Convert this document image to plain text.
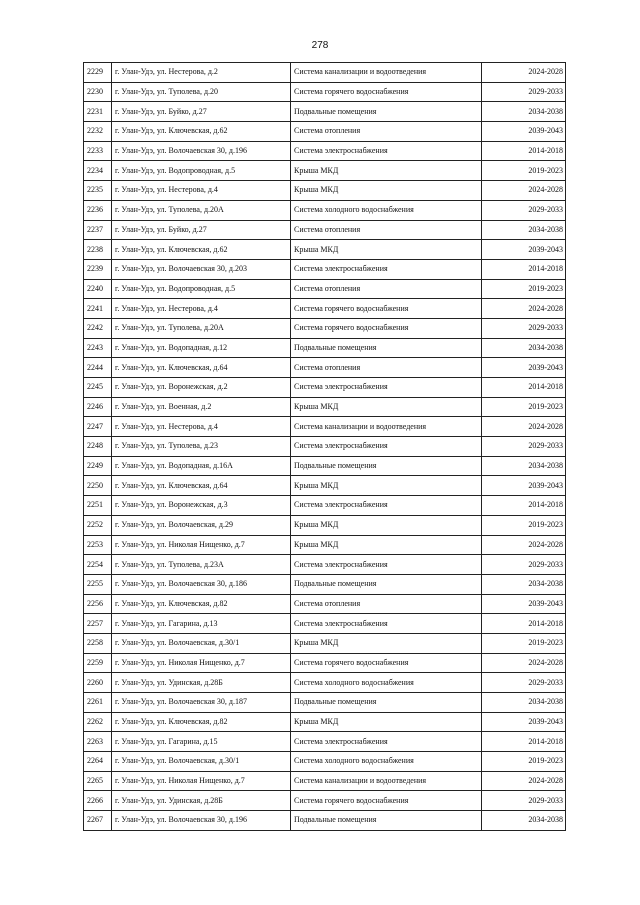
278
2229	г. Улан-Удэ, ул. Нестерова, д.2	Система канализации и водоотведения	2024-2028
2230	г. Улан-Удэ, ул. Туполева, д.20	Система горячего водоснабжения	2029-2033
2231	г. Улан-Удэ, ул. Буйко, д.27	Подвальные помещения	2034-2038
2232	г. Улан-Удэ, ул. Ключевская, д.62	Система отопления	2039-2043
2233	г. Улан-Удэ, ул. Волочаевская 30, д.196	Система электроснабжения	2014-2018
2234	г. Улан-Удэ, ул. Водопроводная, д.5	Крыша МКД	2019-2023
2235	г. Улан-Удэ, ул. Нестерова, д.4	Крыша МКД	2024-2028
2236	г. Улан-Удэ, ул. Туполева, д.20А	Система холодного водоснабжения	2029-2033
2237	г. Улан-Удэ, ул. Буйко, д.27	Система отопления	2034-2038
2238	г. Улан-Удэ, ул. Ключевская, д.62	Крыша МКД	2039-2043
2239	г. Улан-Удэ, ул. Волочаевская 30, д.203	Система электроснабжения	2014-2018
2240	г. Улан-Удэ, ул. Водопроводная, д.5	Система отопления	2019-2023
2241	г. Улан-Удэ, ул. Нестерова, д.4	Система горячего водоснабжения	2024-2028
2242	г. Улан-Удэ, ул. Туполева, д.20А	Система горячего водоснабжения	2029-2033
2243	г. Улан-Удэ, ул. Водопадная, д.12	Подвальные помещения	2034-2038
2244	г. Улан-Удэ, ул. Ключевская, д.64	Система отопления	2039-2043
2245	г. Улан-Удэ, ул. Воронежская, д.2	Система электроснабжения	2014-2018
2246	г. Улан-Удэ, ул. Военная, д.2	Крыша МКД	2019-2023
2247	г. Улан-Удэ, ул. Нестерова, д.4	Система канализации и водоотведения	2024-2028
2248	г. Улан-Удэ, ул. Туполева, д.23	Система электроснабжения	2029-2033
2249	г. Улан-Удэ, ул. Водопадная, д.16А	Подвальные помещения	2034-2038
2250	г. Улан-Удэ, ул. Ключевская, д.64	Крыша МКД	2039-2043
2251	г. Улан-Удэ, ул. Воронежская, д.3	Система электроснабжения	2014-2018
2252	г. Улан-Удэ, ул. Волочаевская, д.29	Крыша МКД	2019-2023
2253	г. Улан-Удэ, ул. Николая Нищенко, д.7	Крыша МКД	2024-2028
2254	г. Улан-Удэ, ул. Туполева, д.23А	Система электроснабжения	2029-2033
2255	г. Улан-Удэ, ул. Волочаевская 30, д.186	Подвальные помещения	2034-2038
2256	г. Улан-Удэ, ул. Ключевская, д.82	Система отопления	2039-2043
2257	г. Улан-Удэ, ул. Гагарина, д.13	Система электроснабжения	2014-2018
2258	г. Улан-Удэ, ул. Волочаевская, д.30/1	Крыша МКД	2019-2023
2259	г. Улан-Удэ, ул. Николая Нищенко, д.7	Система горячего водоснабжения	2024-2028
2260	г. Улан-Удэ, ул. Удинская, д.28Б	Система холодного водоснабжения	2029-2033
2261	г. Улан-Удэ, ул. Волочаевская 30, д.187	Подвальные помещения	2034-2038
2262	г. Улан-Удэ, ул. Ключевская, д.82	Крыша МКД	2039-2043
2263	г. Улан-Удэ, ул. Гагарина, д.15	Система электроснабжения	2014-2018
2264	г. Улан-Удэ, ул. Волочаевская, д.30/1	Система холодного водоснабжения	2019-2023
2265	г. Улан-Удэ, ул. Николая Нищенко, д.7	Система канализации и водоотведения	2024-2028
2266	г. Улан-Удэ, ул. Удинская, д.28Б	Система горячего водоснабжения	2029-2033
2267	г. Улан-Удэ, ул. Волочаевская 30, д.196	Подвальные помещения	2034-2038
